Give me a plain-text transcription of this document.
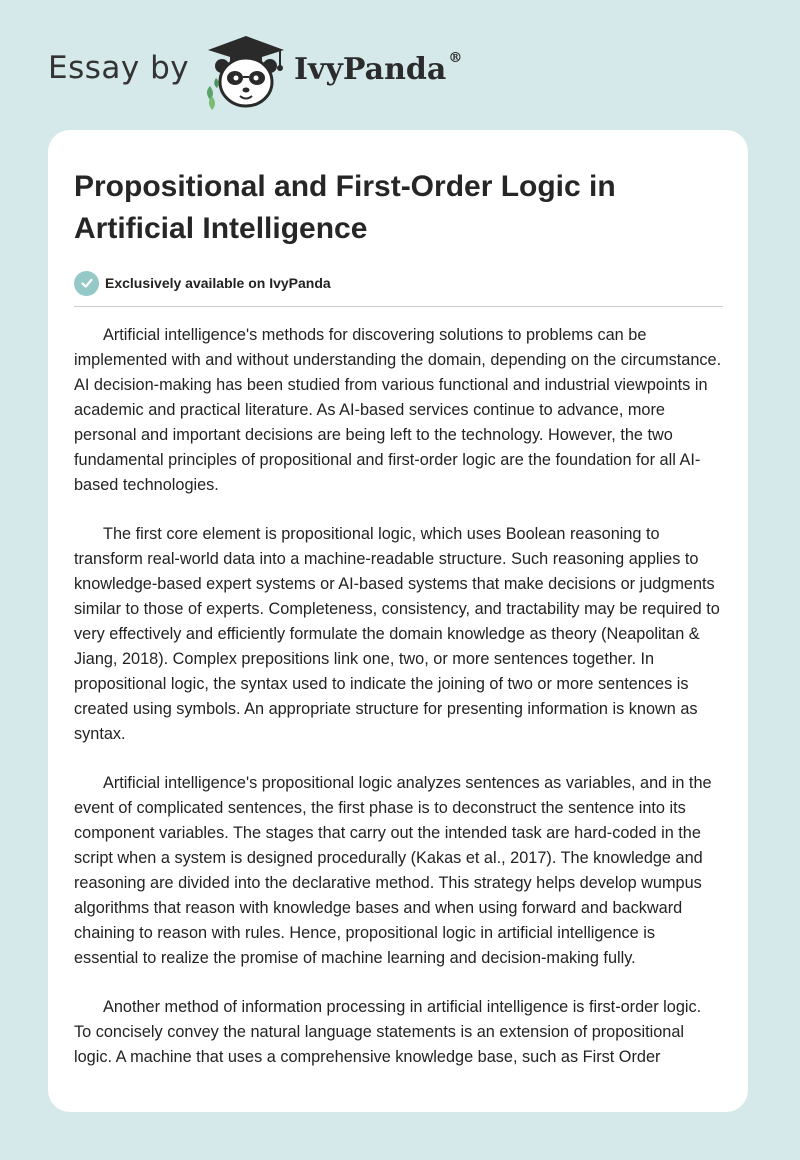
Essay by	IvyPanda ®
Propositional and First-Order Logic in Artificial Intelligence
Exclusively available on IvyPanda

Artificial intelligence's methods for discovering solutions to problems can be implemented with and without understanding the domain, depending on the circumstance. AI decision-making has been studied from various functional and industrial viewpoints in academic and practical literature. As AI-based services continue to advance, more personal and important decisions are being left to the technology. However, the two fundamental principles of propositional and first-order logic are the foundation for all AI-based technologies.

The first core element is propositional logic, which uses Boolean reasoning to transform real-world data into a machine-readable structure. Such reasoning applies to knowledge-based expert systems or AI-based systems that make decisions or judgments similar to those of experts. Completeness, consistency, and tractability may be required to very effectively and efficiently formulate the domain knowledge as theory (Neapolitan & Jiang, 2018). Complex prepositions link one, two, or more sentences together. In propositional logic, the syntax used to indicate the joining of two or more sentences is created using symbols. An appropriate structure for presenting information is known as syntax.

Artificial intelligence's propositional logic analyzes sentences as variables, and in the event of complicated sentences, the first phase is to deconstruct the sentence into its component variables. The stages that carry out the intended task are hard-coded in the script when a system is designed procedurally (Kakas et al., 2017). The knowledge and reasoning are divided into the declarative method. This strategy helps develop wumpus algorithms that reason with knowledge bases and when using forward and backward chaining to reason with rules. Hence, propositional logic in artificial intelligence is essential to realize the promise of machine learning and decision-making fully.

Another method of information processing in artificial intelligence is first-order logic. To concisely convey the natural language statements is an extension of propositional logic. A machine that uses a comprehensive knowledge base, such as First Order
